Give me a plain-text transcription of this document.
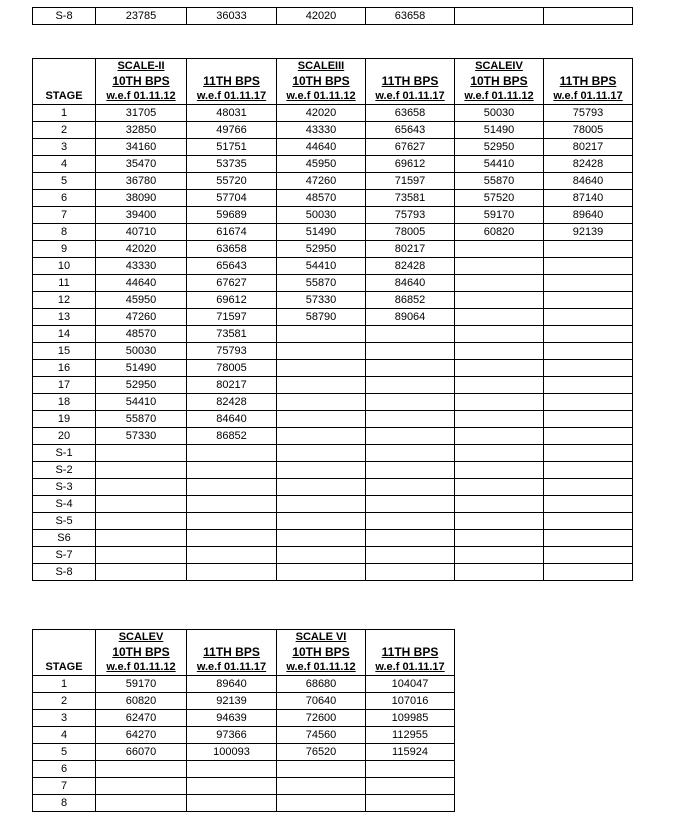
S-8	23785	36033	42020	63658		
STAGE	SCALE-II		SCALEIII		SCALEIV	
	10TH BPS	11TH BPS	10TH BPS	11TH BPS	10TH BPS	11TH BPS
	w.e.f 01.11.12	w.e.f 01.11.17	w.e.f 01.11.12	w.e.f 01.11.17	w.e.f 01.11.12	w.e.f 01.11.17
1	31705	48031	42020	63658	50030	75793
2	32850	49766	43330	65643	51490	78005
3	34160	51751	44640	67627	52950	80217
4	35470	53735	45950	69612	54410	82428
5	36780	55720	47260	71597	55870	84640
6	38090	57704	48570	73581	57520	87140
7	39400	59689	50030	75793	59170	89640
8	40710	61674	51490	78005	60820	92139
9	42020	63658	52950	80217		
10	43330	65643	54410	82428		
11	44640	67627	55870	84640		
12	45950	69612	57330	86852		
13	47260	71597	58790	89064		
14	48570	73581				
15	50030	75793				
16	51490	78005				
17	52950	80217				
18	54410	82428				
19	55870	84640				
20	57330	86852				
S-1						
S-2						
S-3						
S-4						
S-5						
S6						
S-7						
S-8						
STAGE	SCALEV		SCALE VI	
	10TH BPS	11TH BPS	10TH BPS	11TH BPS
	w.e.f 01.11.12	w.e.f 01.11.17	w.e.f 01.11.12	w.e.f 01.11.17
1	59170	89640	68680	104047
2	60820	92139	70640	107016
3	62470	94639	72600	109985
4	64270	97366	74560	112955
5	66070	100093	76520	115924
6				
7				
8				
